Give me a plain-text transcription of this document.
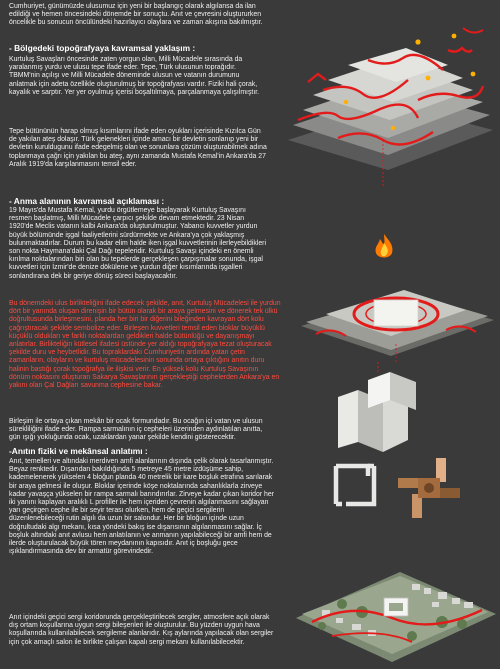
Cumhuriyet, günümüzde ulusumuz için yeni bir başlangıç olarak algılansa da ilan edildiği ve hemen öncesindeki dönemde bir sonuçtu. Anıt ve çevresini oluştururken öncelikle bu sonucun öncülündeki hazırlayıcı olaylara ve zaman akışına bakılmıştır.

- Bölgedeki topoğrafyaya kavramsal yaklaşım :

Kurtuluş Savaşları öncesinde zaten yorgun olan, Milli Mücadele sırasında da yaralanmış yurdu ve ulusu tepe ifade eder. Tepe, Türk ulusunun toprağıdır. TBMM'nin açılışı ve Milli Mücadele döneminde ulusun ve vatanın durumunu anlatmak için adeta özellikle oluşturulmuş bir topoğrafyası vardır. Fiziki hali çorak, kayalık ve sarptır. Yer yer oyulmuş içerisi boşaltılmaya, parçalanmaya çalışılmıştır.

Tepe bütününün harap olmuş kısımlarını ifade eden oyukları içerisinde Kızılca Gün de yakılan ateş dolaşır. Türk gelenekleri içinde amacı bir devletin sonlanıp yeni bir devletin kuruldugunu ifade edegelmiş olan ve sonunlara çözüm oluşturabilmek adına toplanmaya çağrı için yakılan bu ateş, aynı zamanda Mustafa Kemal'in Ankara'da 27 Aralık 1919'da karşılanmasını temsil eder.

- Anma alanının kavramsal açıklaması :

19 Mayıs'da Mustafa Kemal, yurdu örgütlemeye başlayarak Kurtuluş Savaşını resmen başlatmış, Milli Mücadele çarpıcı şekilde devam etmektedir. 23 Nisan 1920'de Meclis vatanın kalbi Ankara'da oluşturulmuştur. Yabancı kuvvetler yurdun büyük bölümünde işgal faaliyetlerini sürdürmekte ve Ankara'ya çok yaklaşmış bulunmaktadırlar. Durum bu kadar elim halde iken işgal kuvvetlerinin ilerleyebildikleri son nokta Haymana'daki Çal Dağı tepeleridir. Kurtuluş Savaşı içindeki en önemli kırılma noktalarından biri olan bu tepelerde gerçekleşen çarpışmalar sonunda, işgal kuvvetleri için İzmir'de denize dökülene ve yurdun diğer kısımlarında işgalleri sonlandırana dek bir geriye dönüş süreci başlayacaktır.

Bu dönemdeki ulus birlikteliğini ifade edecek şekilde, anıt, Kurtuluş Mücadelesi ile yurdun dört bir yanında oluşan direnişin bir bütün olarak bir araya gelmesini ve dönerek tek ülkü doğrultusunda birleşmesini, planda her biri bir diğerini bileğinden kavrayan dört kolu çağrıştıracak şekilde sembolize eder. Birleşen kuvvetleri temsil eden bloklar büyüklü küçüklü oldukları ve farklı noktalardan geldikleri halde bütünlüğü ve dayanışmayı anlatırlar. Birlikteliğin kütlesel ifadesi üstünde yer aldığı topoğrafyaya tezat oluşturacak şekilde duru ve heybetlidir. Bu topraklardaki Cumhuriyetin ardında yatan çetin zamanların, olayların ve kurtuluş mücadelesinin sonunda ortaya çıktığını anıtın duru halinin bastığı çorak topoğrafya ile ilişkisi verir. En yüksek kolu Kurtuluş Savaşının dönüm noktasını oluşturan Sakarya Savaşlarının gerçekleştiği cephelerden Ankara'ya en yakını olan Çal Dağları savunma cephesine bakar.

Birleşim ile ortaya çıkan mekân bir ocak formundadır. Bu ocağın içi vatan ve ulusun sürekliliğini ifade eder. Rampa sarmalının iç cepheleri üzerinden aydınlatılan anıtta, gün ışığı yokluğunda ocak, uzaklardan yanar şekilde kendini gösterecektir.

-Anıtın fiziki ve mekânsal anlatımı :

Anıt, temelleri ve altındaki merdiven amfi alanlarının dışında çelik olarak tasarlanmıştır. Beyaz renktedir. Dışarıdan bakıldığında 5 metreye 45 metre izdüşüme sahip, kademelenerek yükselen 4 bloğun planda 40 metrelik bir kare boşluk etrafına sarılarak bir araya gelmesi ile oluşur. Bloklar içerinde köşe noktalarında sahanlıklarla zirveye kadar yavaşça yükselen bir rampa sarmalı barındırırlar. Zirveye kadar çıkan koridor her iki yanını kaplayan aralıklı L profiller ile hem içeriden çevrenin algılanmasını sağlayan yarı geçirgen cephe ile bir seyir terası olurken, hem de geçici sergilerin düzenlenebileceği rutin algılı da uzun bir salondur. Her bir bloğun içinde uzun doğrultudaki algı mekanı, kısa yöndeki bakış ise dışarısının algılanmasını sağlar. İç boşluk altındaki anıt avlusu hem anlatılanın ve anmanın yapılabileceği bir amfi hem de ilerde oluşturulacak büyük tören meydanının kapısıdır. Anıt iç boşluğu gece ışıklandırmasında dev bir armatür görevindedir.

Anıt içindeki geçici sergi koridorunda gerçekleştirilecek sergiler, atmosfere açık olarak dış ortam koşullarına uygun sergi bileşenleri ile oluşturulur. Bu yüzden uygun hava koşullarında kullanılabilecek sergileme alanlarıdır. Kış aylarında yapılacak olan sergiler için çok amaçlı salon ile birlikte çalışan kapalı sergi mekanı kullanılabilecektir.
